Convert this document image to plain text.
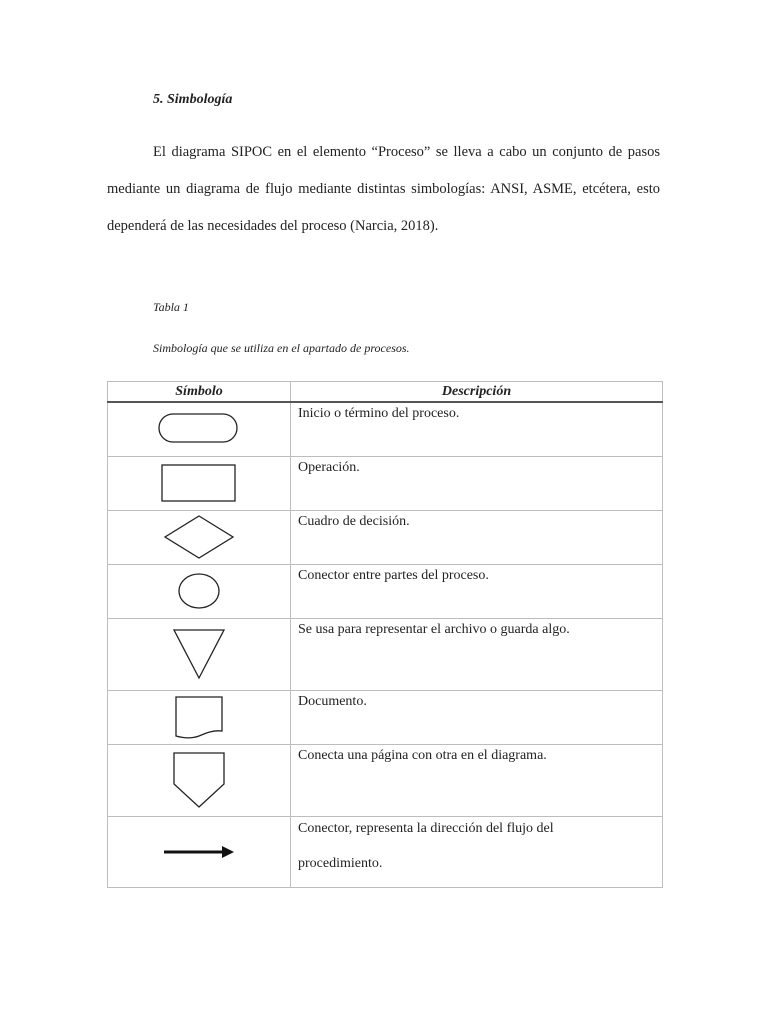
5. Simbología
El diagrama SIPOC en el elemento “Proceso” se lleva a cabo un conjunto de pasos mediante un diagrama de flujo mediante distintas simbologías: ANSI, ASME, etcétera, esto dependerá de las necesidades del proceso (Narcia, 2018).
Tabla 1
Simbología que se utiliza en el apartado de procesos.
Símbolo	Descripción

Inicio o término del proceso.

Operación.

Cuadro de decisión.

Conector entre partes del proceso.

Se usa para representar el archivo o guarda algo.

Documento.

Conecta una página con otra en el diagrama.

Conector, representa la dirección del flujo del procedimiento.
